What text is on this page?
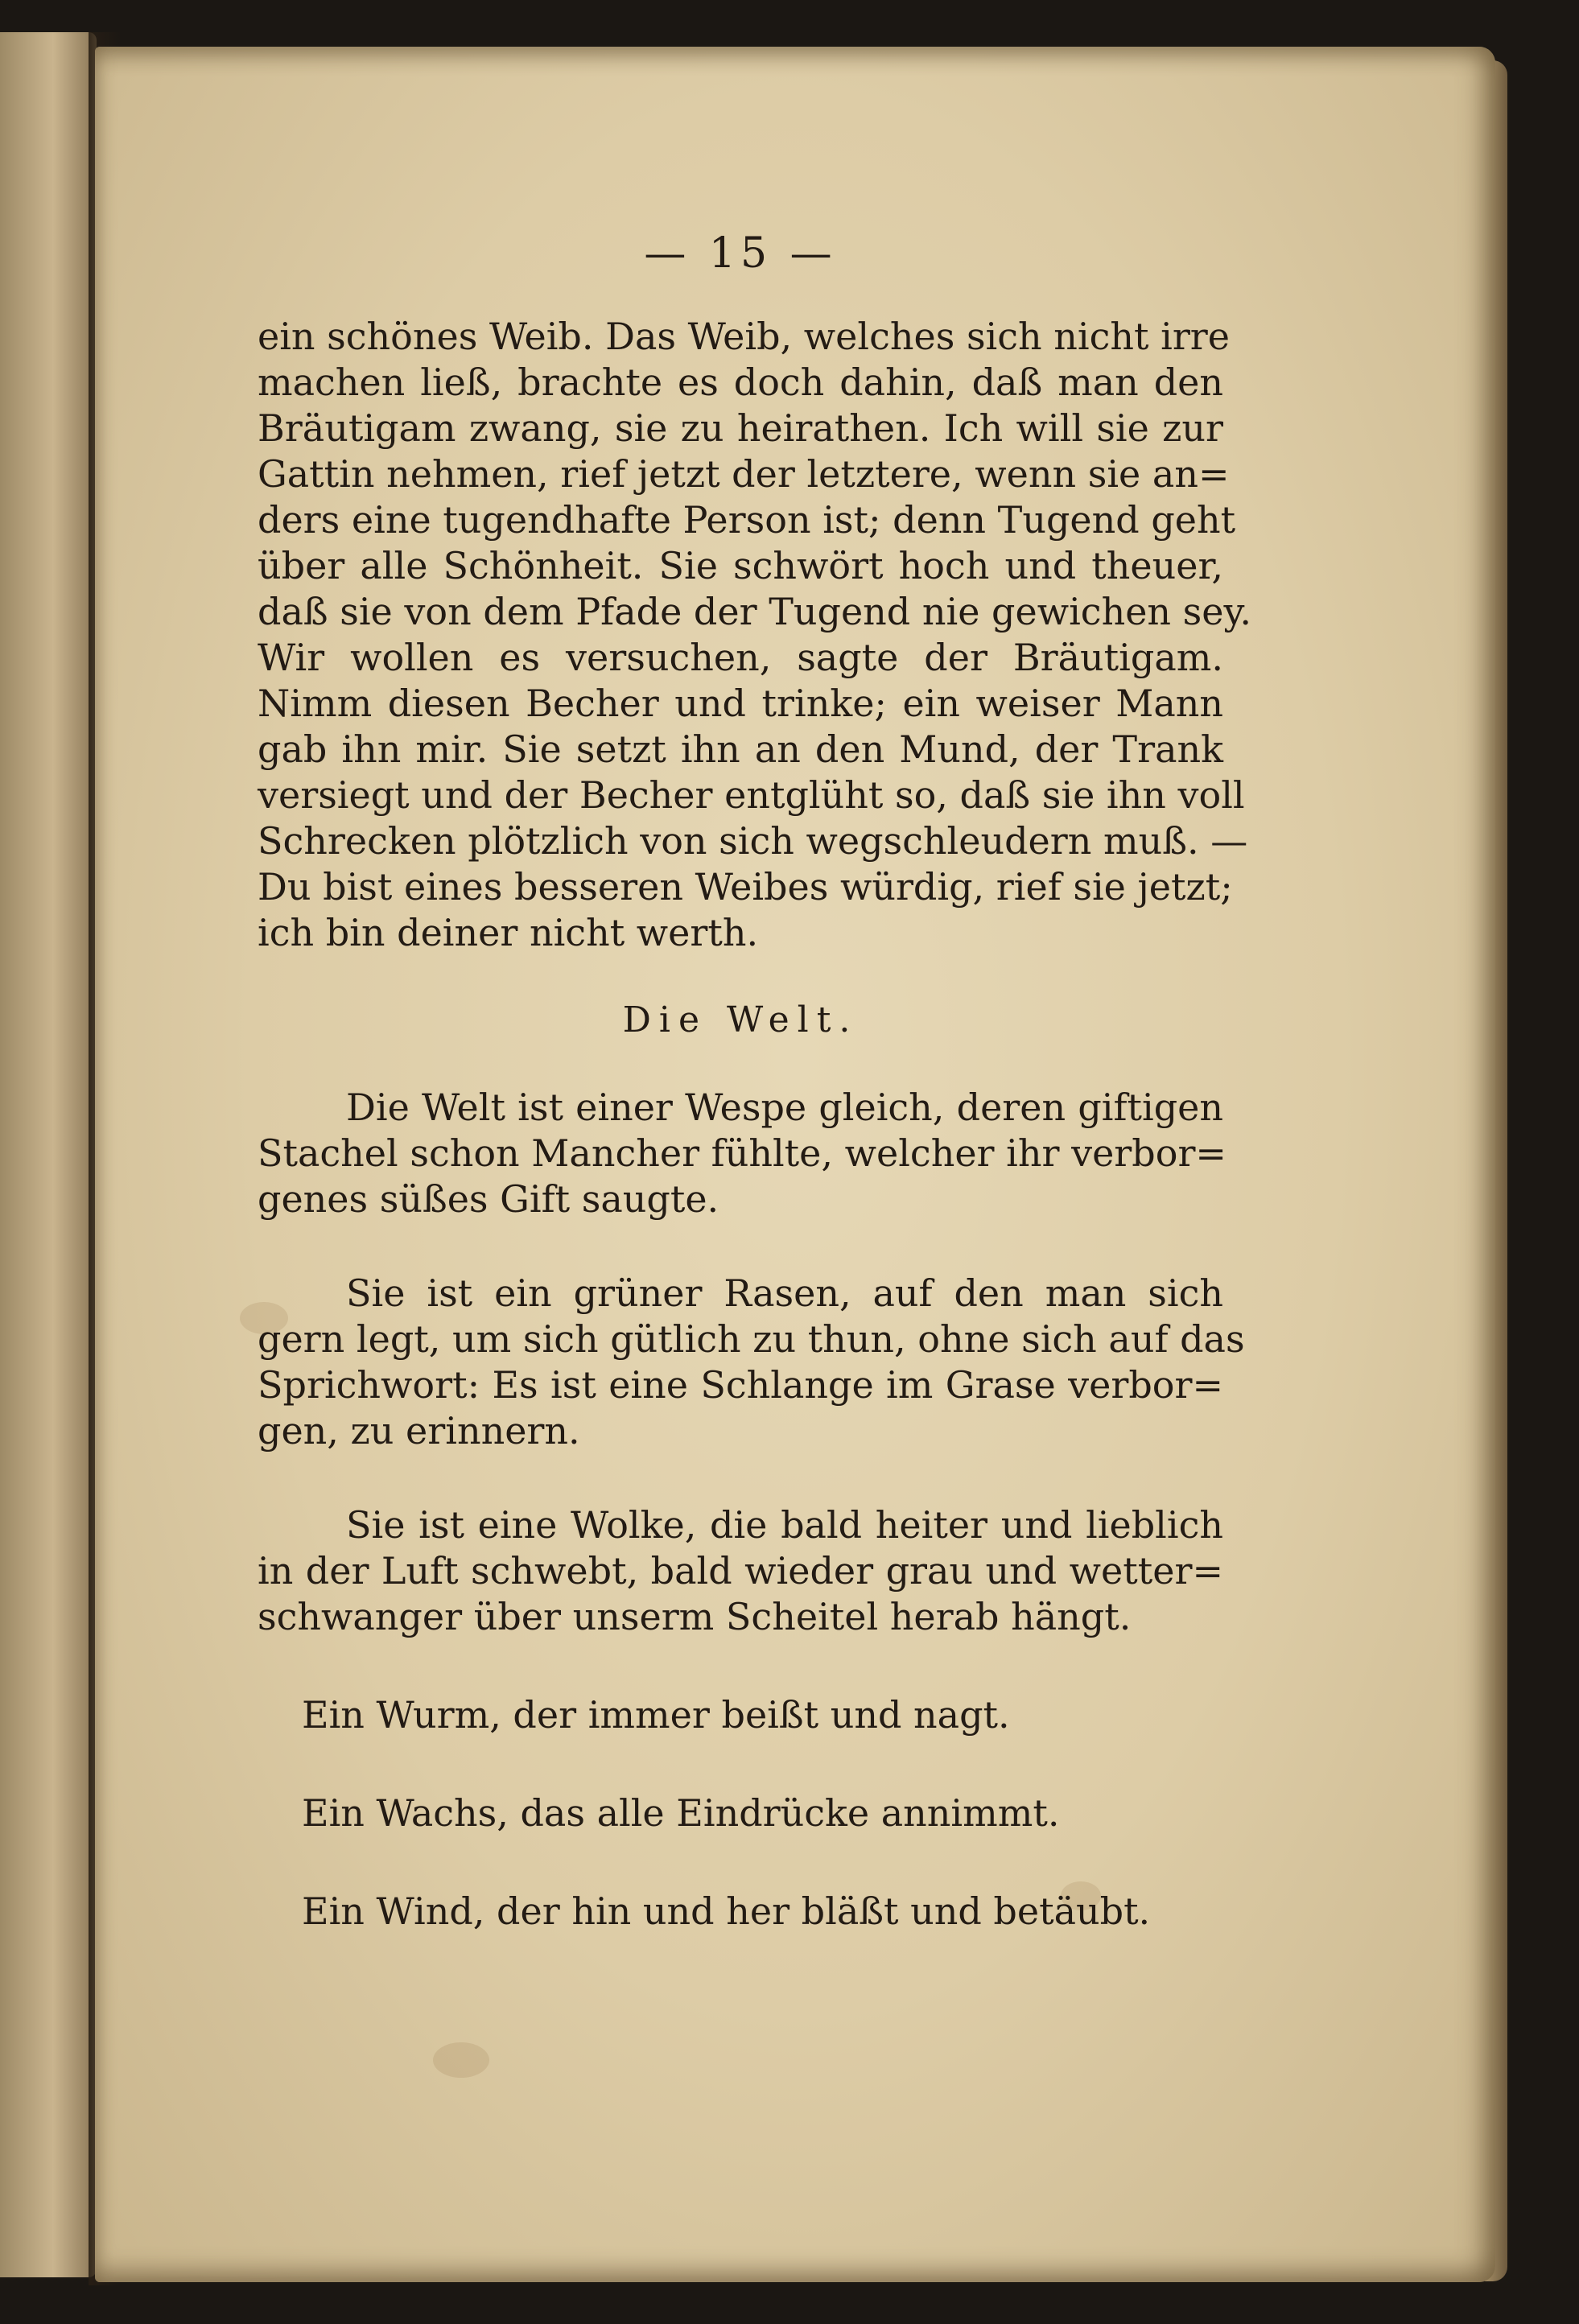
— 15 —
ein schönes Weib. Das Weib, welches sich nicht irre
machen ließ, brachte es doch dahin, daß man den
Bräutigam zwang, sie zu heirathen. Ich will sie zur
Gattin nehmen, rief jetzt der letztere, wenn sie an=
ders eine tugendhafte Person ist; denn Tugend geht
über alle Schönheit. Sie schwört hoch und theuer,
daß sie von dem Pfade der Tugend nie gewichen sey.
Wir wollen es versuchen, sagte der Bräutigam.
Nimm diesen Becher und trinke; ein weiser Mann
gab ihn mir. Sie setzt ihn an den Mund, der Trank
versiegt und der Becher entglüht so, daß sie ihn voll
Schrecken plötzlich von sich wegschleudern muß. —
Du bist eines besseren Weibes würdig, rief sie jetzt;
ich bin deiner nicht werth.
Die Welt.
Die Welt ist einer Wespe gleich, deren giftigen
Stachel schon Mancher fühlte, welcher ihr verbor=
genes süßes Gift saugte.
Sie ist ein grüner Rasen, auf den man sich
gern legt, um sich gütlich zu thun, ohne sich auf das
Sprichwort: Es ist eine Schlange im Grase verbor=
gen, zu erinnern.
Sie ist eine Wolke, die bald heiter und lieblich
in der Luft schwebt, bald wieder grau und wetter=
schwanger über unserm Scheitel herab hängt.
Ein Wurm, der immer beißt und nagt.
Ein Wachs, das alle Eindrücke annimmt.
Ein Wind, der hin und her bläßt und betäubt.
